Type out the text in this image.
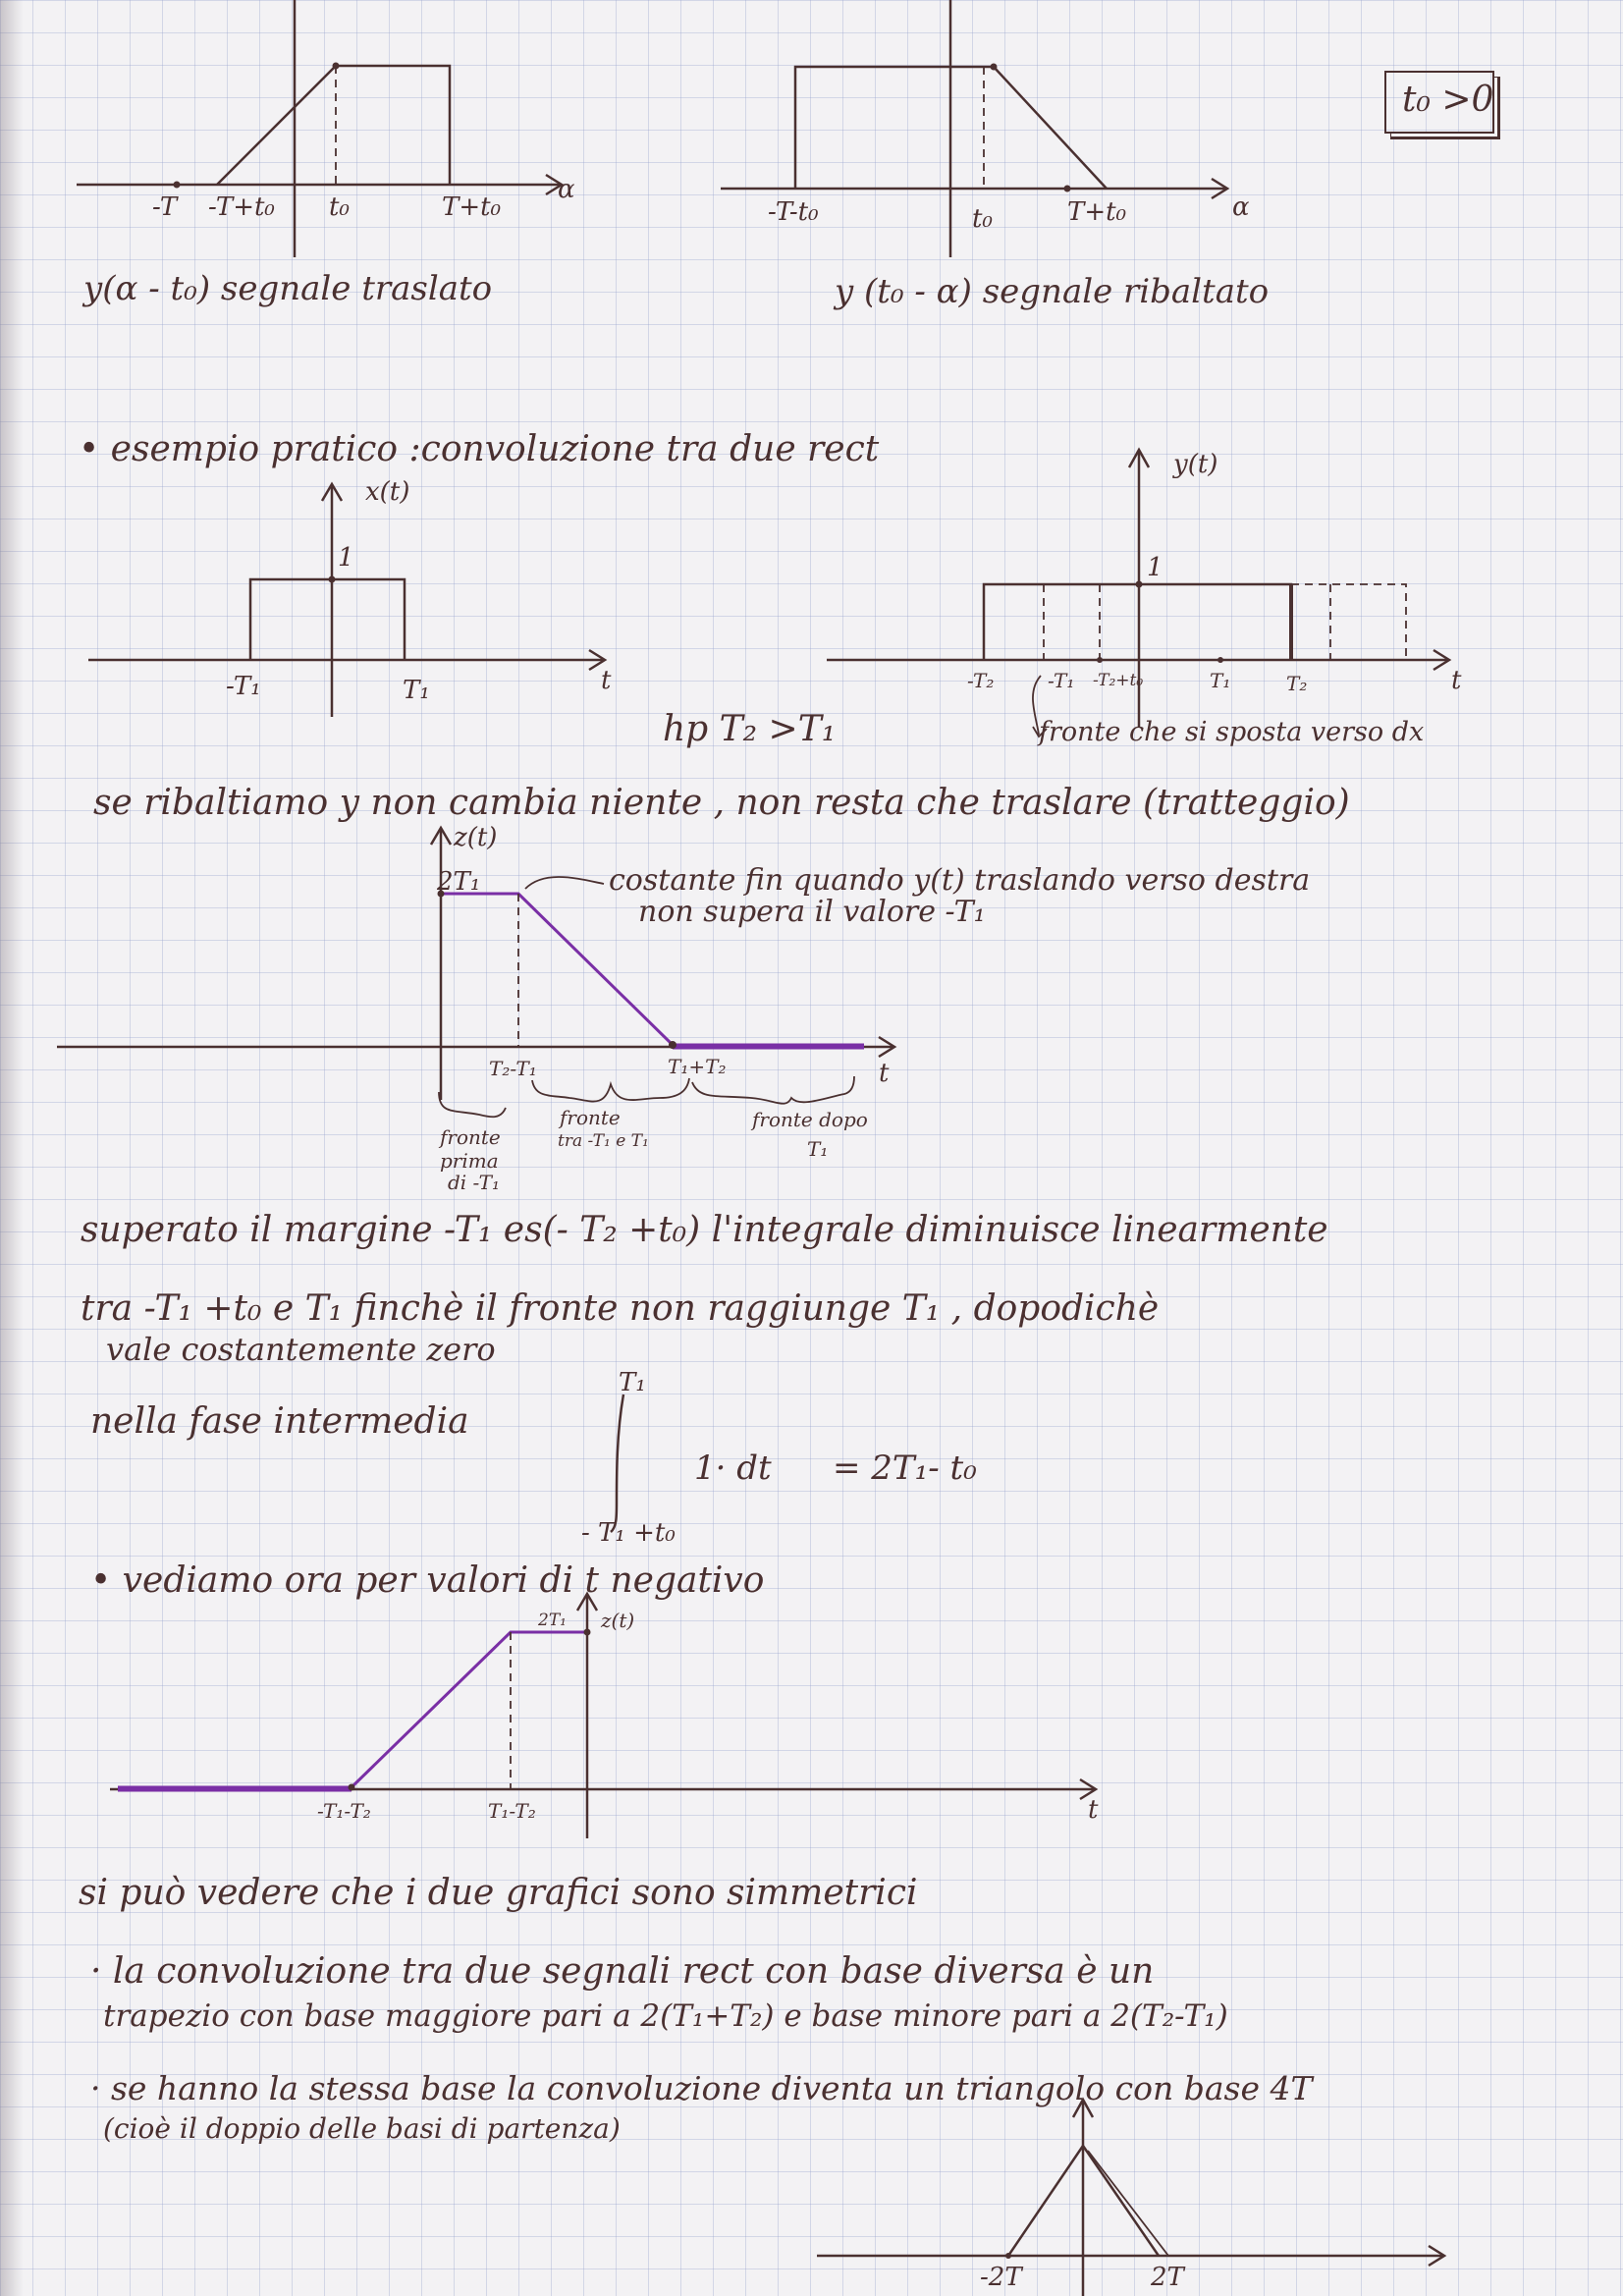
t₀ >0
-T -T+t₀ t₀	T+t₀
α
y(α - t₀) segnale traslato
-T-t₀	t₀	T+t₀	α
y (t₀ - α) segnale ribaltato
• esempio pratico :convoluzione tra due rect
x(t)
1
-T₁	T₁	t
y(t)
1
-T₂	-T₁ -T₂+t₀	T₁	T₂	t
fronte che si sposta verso dx
hp T₂ >T₁
se ribaltiamo y non cambia niente , non resta che traslare (tratteggio)
z(t)
2T₁
T₂-T₁	T₁+T₂	t
costante fin quando y(t) traslando verso destra
non supera il valore -T₁
fronte
prima
di -T₁
fronte
tra -T₁ e T₁
fronte dopo
T₁
superato il margine -T₁ es(- T₂ +t₀) l'integrale diminuisce linearmente
tra -T₁ +t₀ e T₁ finchè il fronte non raggiunge T₁ , dopodichè
vale costantemente zero
nella fase intermedia
T₁
- T₁ +t₀
1· dt = 2T₁- t₀
• vediamo ora per valori di t negativo
z(t)
2T₁
-T₁-T₂	T₁-T₂	t
si può vedere che i due grafici sono simmetrici
· la convoluzione tra due segnali rect con base diversa è un
trapezio con base maggiore pari a 2(T₁+T₂) e base minore pari a 2(T₂-T₁)
· se hanno la stessa base la convoluzione diventa un triangolo con base 4T
(cioè il doppio delle basi di partenza)
-2T	2T
